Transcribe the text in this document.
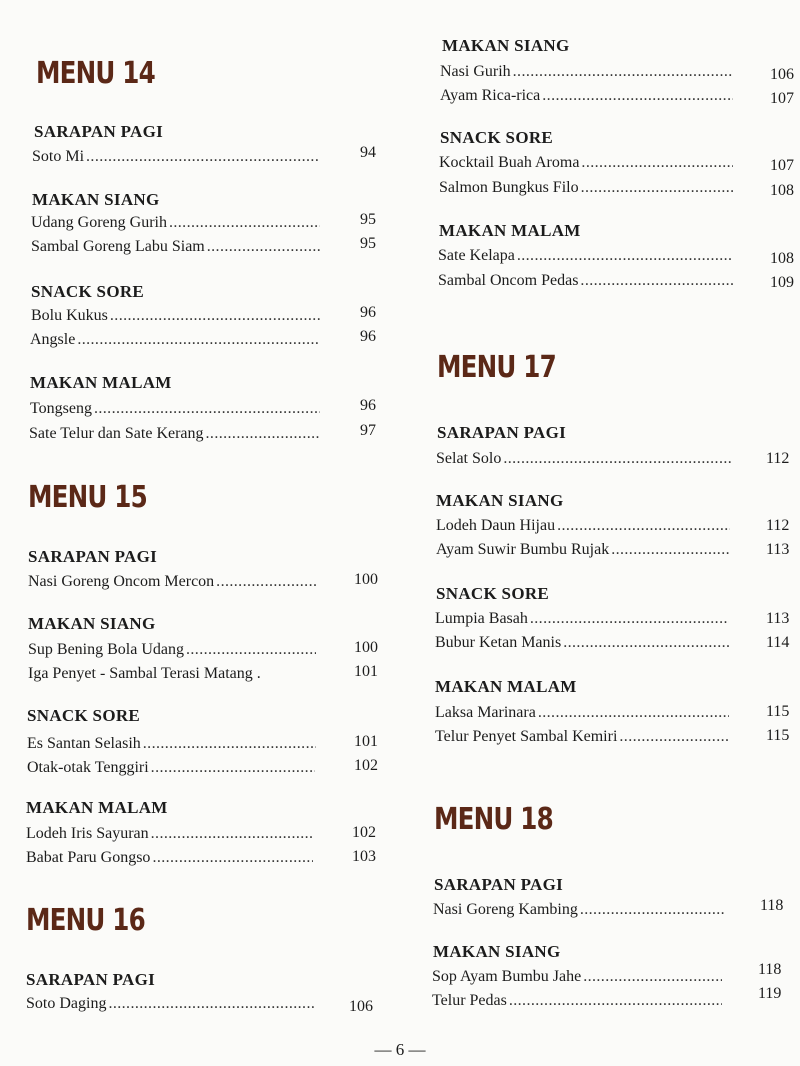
MENU 14
SARAPAN PAGI
Soto Mi .....	94
MAKAN SIANG
Udang Goreng Gurih .....	95
Sambal Goreng Labu Siam .....	95
SNACK SORE
Bolu Kukus .....	96
Angsle .....	96
MAKAN MALAM
Tongseng .....	96
Sate Telur dan Sate Kerang .....	97
MENU 15
SARAPAN PAGI
Nasi Goreng Oncom Mercon .....	100
MAKAN SIANG
Sup Bening Bola Udang .....	100
Iga Penyet - Sambal Terasi Matang .	101
SNACK SORE
Es Santan Selasih .....	101
Otak-otak Tenggiri .....	102
MAKAN MALAM
Lodeh Iris Sayuran .....	102
Babat Paru Gongso .....	103
MENU 16
SARAPAN PAGI
Soto Daging .....	106
MAKAN SIANG
Nasi Gurih .....	106
Ayam Rica-rica .....	107
SNACK SORE
Kocktail Buah Aroma .....	107
Salmon Bungkus Filo .....	108
MAKAN MALAM
Sate Kelapa .....	108
Sambal Oncom Pedas .....	109
MENU 17
SARAPAN PAGI
Selat Solo .....	112
MAKAN SIANG
Lodeh Daun Hijau .....	112
Ayam Suwir Bumbu Rujak .....	113
SNACK SORE
Lumpia Basah .....	113
Bubur Ketan Manis .....	114
MAKAN MALAM
Laksa Marinara .....	115
Telur Penyet Sambal Kemiri .....	115
MENU 18
SARAPAN PAGI
Nasi Goreng Kambing .....	118
MAKAN SIANG
Sop Ayam Bumbu Jahe .....	118
Telur Pedas .....	119
— 6 —
